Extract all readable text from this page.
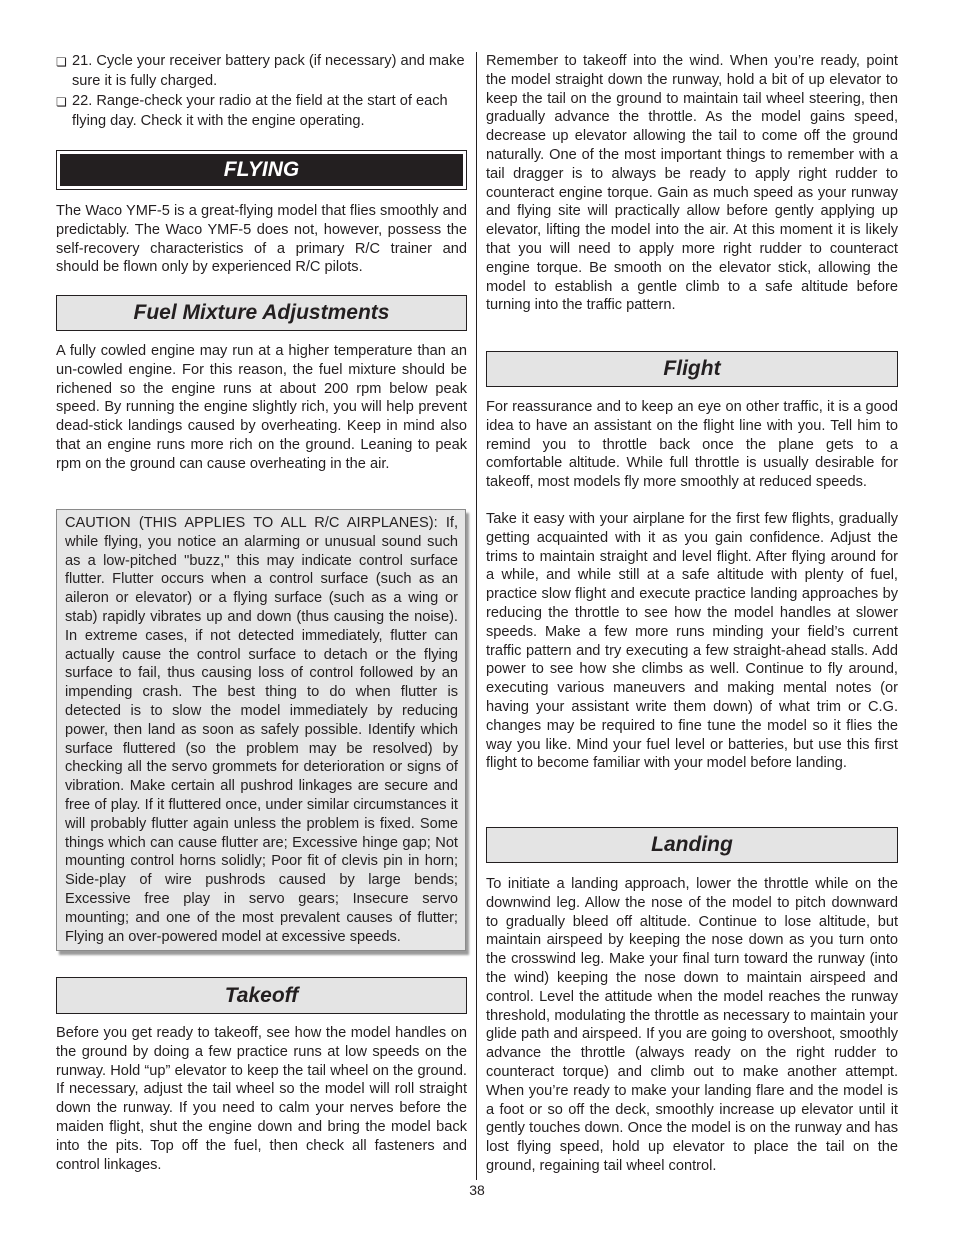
❏
21. Cycle your receiver battery pack (if necessary) and make sure it is fully charged.
❏
22. Range-check your radio at the field at the start of each flying day. Check it with the engine operating.
FLYING

The Waco YMF-5 is a great-flying model that flies smoothly and predictably. The Waco YMF-5 does not, however, possess the self-recovery characteristics of a primary R/C trainer and should be flown only by experienced R/C pilots.

Fuel Mixture Adjustments

A fully cowled engine may run at a higher temperature than an un-cowled engine. For this reason, the fuel mixture should be richened so the engine runs at about 200 rpm below peak speed. By running the engine slightly rich, you will help prevent dead-stick landings caused by overheating. Keep in mind also that an engine runs more rich on the ground. Leaning to peak rpm on the ground can cause overheating in the air.

CAUTION (THIS APPLIES TO ALL R/C AIRPLANES): If, while flying, you notice an alarming or unusual sound such as a low-pitched "buzz," this may indicate control surface flutter. Flutter occurs when a control surface (such as an aileron or elevator) or a flying surface (such as a wing or stab) rapidly vibrates up and down (thus causing the noise). In extreme cases, if not detected immediately, flutter can actually cause the control surface to detach or the flying surface to fail, thus causing loss of control followed by an impending crash. The best thing to do when flutter is detected is to slow the model immediately by reducing power, then land as soon as safely possible. Identify which surface fluttered (so the problem may be resolved) by checking all the servo grommets for deterioration or signs of vibration. Make certain all pushrod linkages are secure and free of play. If it fluttered once, under similar circumstances it will probably flutter again unless the problem is fixed. Some things which can cause flutter are; Excessive hinge gap; Not mounting control horns solidly; Poor fit of clevis pin in horn; Side-play of wire pushrods caused by large bends; Excessive free play in servo gears; Insecure servo mounting; and one of the most prevalent causes of flutter; Flying an over-powered model at excessive speeds.
Takeoff

Before you get ready to takeoff, see how the model handles on the ground by doing a few practice runs at low speeds on the runway. Hold “up” elevator to keep the tail wheel on the ground. If necessary, adjust the tail wheel so the model will roll straight down the runway. If you need to calm your nerves before the maiden flight, shut the engine down and bring the model back into the pits. Top off the fuel, then check all fasteners and control linkages.

Remember to takeoff into the wind. When you’re ready, point the model straight down the runway, hold a bit of up elevator to keep the tail on the ground to maintain tail wheel steering, then gradually advance the throttle. As the model gains speed, decrease up elevator allowing the tail to come off the ground naturally. One of the most important things to remember with a tail dragger is to always be ready to apply right rudder to counteract engine torque. Gain as much speed as your runway and flying site will practically allow before gently applying up elevator, lifting the model into the air. At this moment it is likely that you will need to apply more right rudder to counteract engine torque. Be smooth on the elevator stick, allowing the model to establish a gentle climb to a safe altitude before turning into the traffic pattern.

Flight

For reassurance and to keep an eye on other traffic, it is a good idea to have an assistant on the flight line with you. Tell him to remind you to throttle back once the plane gets to a comfortable altitude. While full throttle is usually desirable for takeoff, most models fly more smoothly at reduced speeds.

Take it easy with your airplane for the first few flights, gradually getting acquainted with it as you gain confidence. Adjust the trims to maintain straight and level flight. After flying around for a while, and while still at a safe altitude with plenty of fuel, practice slow flight and execute practice landing approaches by reducing the throttle to see how the model handles at slower speeds. Make a few more runs minding your field’s current traffic pattern and try executing a few straight-ahead stalls. Add power to see how she climbs as well. Continue to fly around, executing various maneuvers and making mental notes (or having your assistant write them down) of what trim or C.G. changes may be required to fine tune the model so it flies the way you like. Mind your fuel level or batteries, but use this first flight to become familiar with your model before landing.

Landing

To initiate a landing approach, lower the throttle while on the downwind leg. Allow the nose of the model to pitch downward to gradually bleed off altitude. Continue to lose altitude, but maintain airspeed by keeping the nose down as you turn onto the crosswind leg. Make your final turn toward the runway (into the wind) keeping the nose down to maintain airspeed and control. Level the attitude when the model reaches the runway threshold, modulating the throttle as necessary to maintain your glide path and airspeed. If you are going to overshoot, smoothly advance the throttle (always ready on the right rudder to counteract torque) and climb out to make another attempt. When you’re ready to make your landing flare and the model is a foot or so off the deck, smoothly increase up elevator until it gently touches down. Once the model is on the runway and has lost flying speed, hold up elevator to place the tail on the ground, regaining tail wheel control.

38
